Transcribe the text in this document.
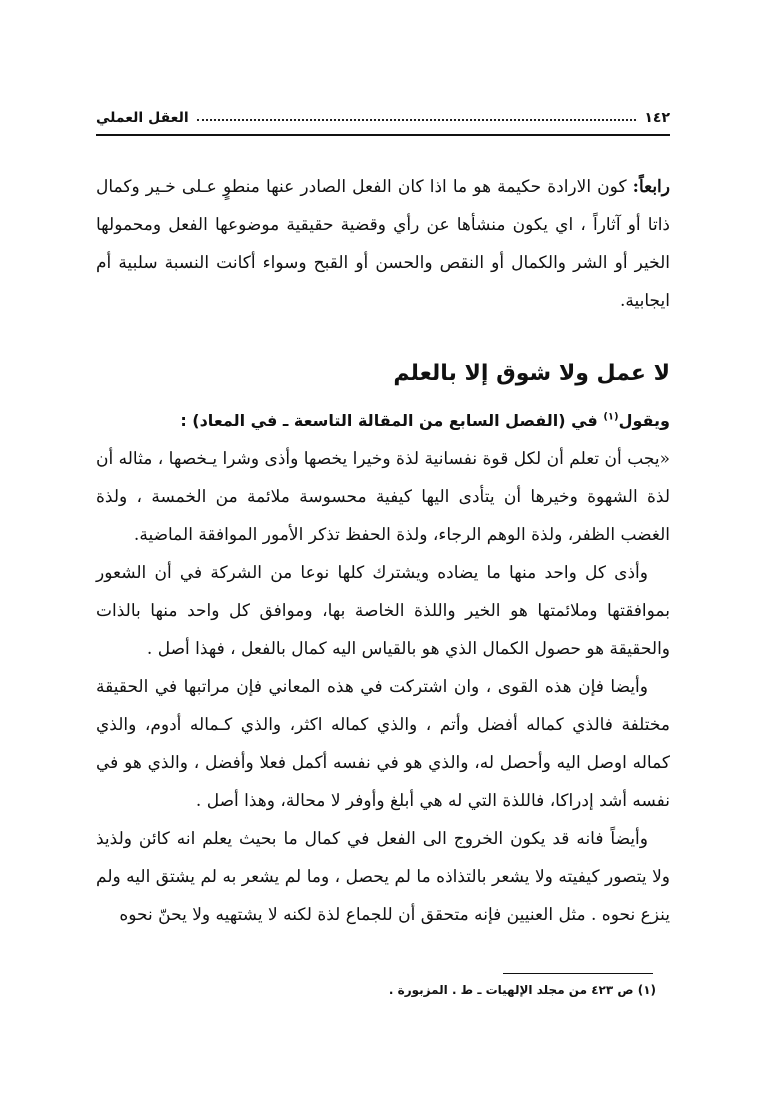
١٤٢
العقل العملي

رابعاً: كون الارادة حكيمة هو ما اذا كان الفعل الصادر عنها منطوٍ عـلى خـير وكمال ذاتا أو آثاراً ، اي يكون منشأها عن رأي وقضية حقيقية موضوعها الفعل ومحمولها الخير أو الشر والكمال أو النقص والحسن أو القبح وسواء أكانت النسبة سلبية أم ايجابية.

لا عمل ولا شوق إلا بالعلم

ويقول$^{(١)}$ في (الفصل السابع من المقالة التاسعة ـ في المعاد) :

«يجب أن تعلم أن لكل قوة نفسانية لذة وخيرا يخصها وأذى وشرا يـخصها ، مثاله أن لذة الشهوة وخيرها أن يتأدى اليها كيفية محسوسة ملائمة من الخمسة ، ولذة الغضب الظفر، ولذة الوهم الرجاء، ولذة الحفظ تذكر الأمور الموافقة الماضية.

وأذى كل واحد منها ما يضاده ويشترك كلها نوعا من الشركة في أن الشعور بموافقتها وملائمتها هو الخير واللذة الخاصة بها، وموافق كل واحد منها بالذات والحقيقة هو حصول الكمال الذي هو بالقياس اليه كمال بالفعل ، فهذا أصل .

وأيضا فإن هذه القوى ، وان اشتركت في هذه المعاني فإن مراتبها في الحقيقة مختلفة فالذي كماله أفضل وأتم ، والذي كماله اكثر، والذي كـماله أدوم، والذي كماله اوصل اليه وأحصل له، والذي هو في نفسه أكمل فعلا وأفضل ، والذي هو في نفسه أشد إدراكا، فاللذة التي له هي أبلغ وأوفر لا محالة، وهذا أصل .

وأيضاً فانه قد يكون الخروج الى الفعل في كمال ما بحيث يعلم انه كائن ولذيذ ولا يتصور كيفيته ولا يشعر بالتذاذه ما لم يحصل ، وما لم يشعر به لم يشتق اليه ولم ينزع نحوه . مثل العنيين فإنه متحقق أن للجماع لذة لكنه لا يشتهيه ولا يحنّ نحوه

(١) ص ٤٢٣ من مجلد الإلهيات ـ ط . المزبورة .
